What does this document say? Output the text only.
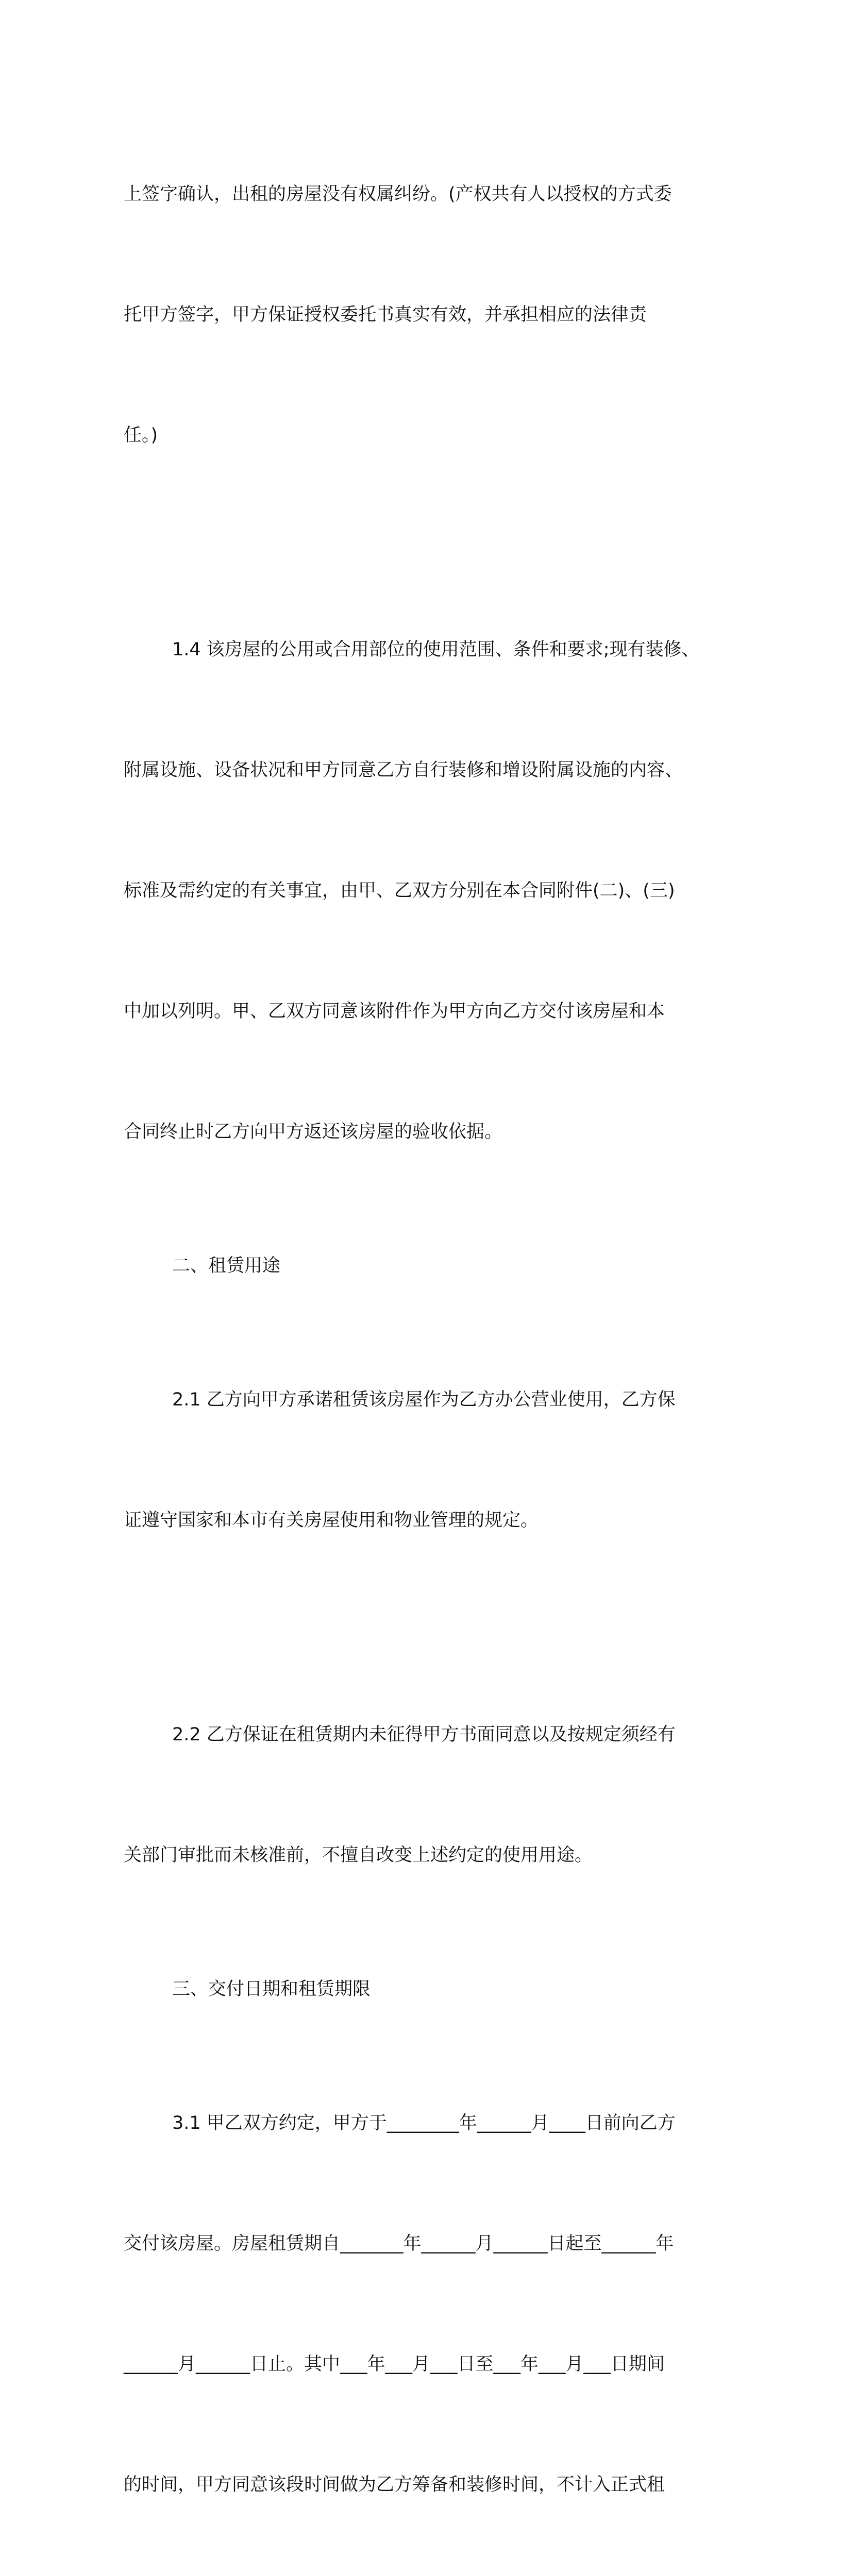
上签字确认，出租的房屋没有权属纠纷。(产权共有人以授权的方式委

托甲方签字，甲方保证授权委托书真实有效，并承担相应的法律责

任。)

1.4 该房屋的公用或合用部位的使用范围、条件和要求;现有装修、

附属设施、设备状况和甲方同意乙方自行装修和增设附属设施的内容、

标准及需约定的有关事宜，由甲、乙双方分别在本合同附件(二)、(三)

中加以列明。甲、乙双方同意该附件作为甲方向乙方交付该房屋和本

合同终止时乙方向甲方返还该房屋的验收依据。

二、租赁用途

2.1 乙方向甲方承诺租赁该房屋作为乙方办公营业使用，乙方保

证遵守国家和本市有关房屋使用和物业管理的规定。

2.2 乙方保证在租赁期内未征得甲方书面同意以及按规定须经有

关部门审批而未核准前，不擅自改变上述约定的使用用途。

三、交付日期和租赁期限

3.1 甲乙双方约定，甲方于________年______月____日前向乙方

交付该房屋。房屋租赁期自_______年______月______日起至______年

______月______日止。其中___年___月___日至___年___月___日期间

的时间，甲方同意该段时间做为乙方筹备和装修时间，不计入正式租
